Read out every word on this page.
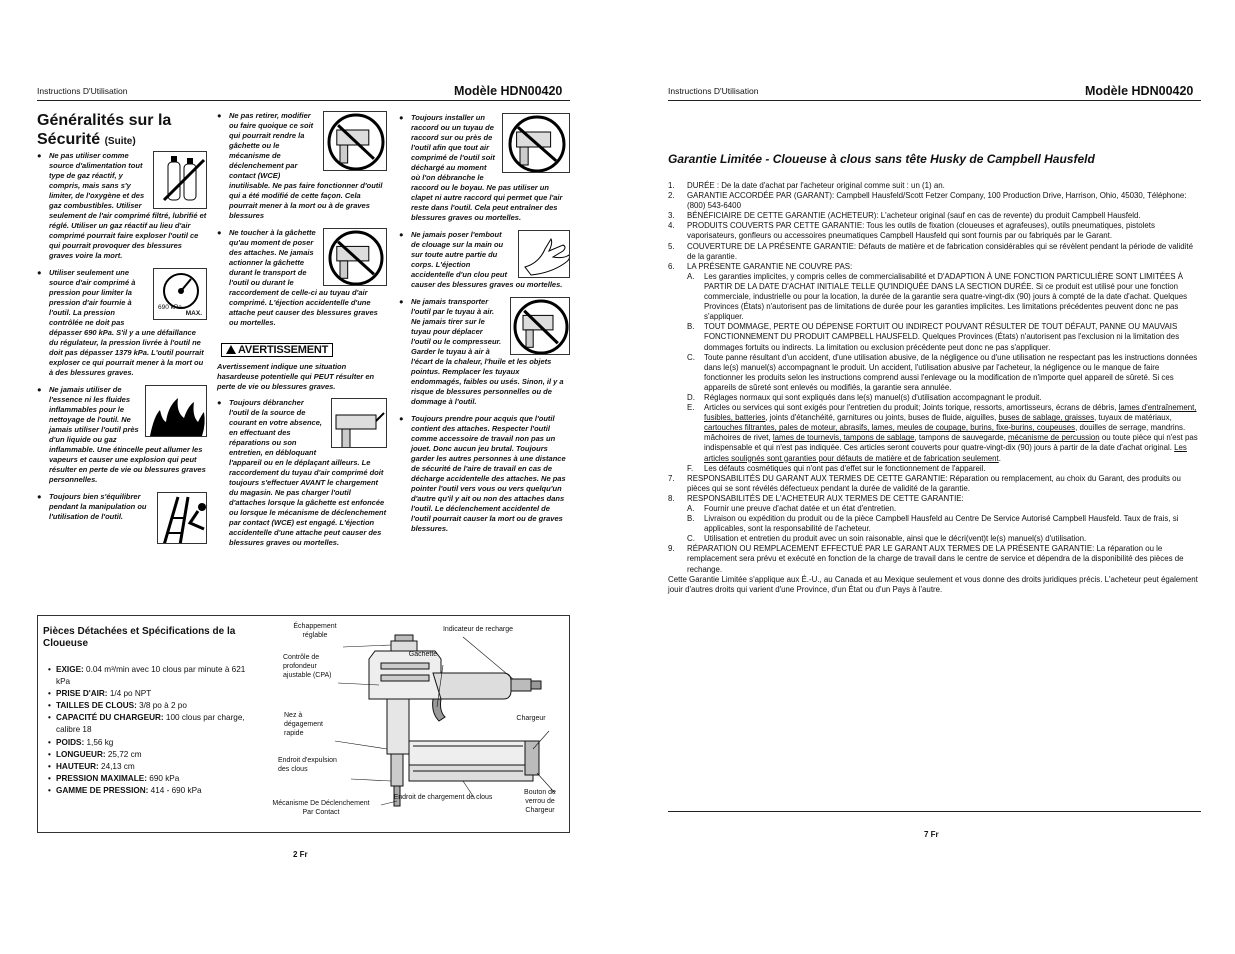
Instructions D'Utilisation	Modèle HDN00420
Généralités sur la Sécurité (Suite)
● Ne pas utiliser comme source d'alimentation tout type de gaz réactif, y compris, mais sans s'y limiter, de l'oxygène et des gaz combustibles. Utiliser seulement de l'air comprimé filtré, lubrifié et réglé. Utiliser un gaz réactif au lieu d'air comprimé pourrait faire exploser l'outil ce qui pourrait provoquer des blessures graves voire la mort.
●
690 kPa
MAX.
Utiliser seulement une source d'air comprimé à pression pour limiter la pression d'air fournie à l'outil. La pression contrôlée ne doit pas dépasser 690 kPa. S'il y a une défaillance du régulateur, la pression livrée à l'outil ne doit pas dépasser 1379 kPa. L'outil pourrait exploser ce qui pourrait mener à la mort ou à des blessures graves.
● Ne jamais utiliser de l'essence ni les fluides inflammables pour le nettoyage de l'outil. Ne jamais utiliser l'outil près d'un liquide ou gaz inflammable. Une étincelle peut allumer les vapeurs et causer une explosion qui peut résulter en perte de vie ou blessures graves personnelles.
● Toujours bien s'équilibrer pendant la manipulation ou l'utilisation de l'outil.
● Ne pas retirer, modifier ou faire quoique ce soit qui pourrait rendre la gâchette ou le mécanisme de déclenchement par contact (WCE) inutilisable. Ne pas faire fonctionner d'outil qui a été modifié de cette façon. Cela pourrait mener à la mort ou à de graves blessures
● Ne toucher à la gâchette qu'au moment de poser des attaches. Ne jamais actionner la gâchette durant le transport de l'outil ou durant le raccordement de celle-ci au tuyau d'air comprimé. L'éjection accidentelle d'une attache peut causer des blessures graves ou mortelles.
AVERTISSEMENT
Avertissement indique une situation hasardeuse potentielle qui PEUT résulter en perte de vie ou blessures graves.
● Toujours débrancher l'outil de la source de courant en votre absence, en effectuant des réparations ou son entretien, en débloquant l'appareil ou en le déplaçant ailleurs. Le raccordement du tuyau d'air comprimé doit toujours s'effectuer AVANT le chargement du magasin. Ne pas charger l'outil d'attaches lorsque la gâchette est enfoncée ou lorsque le mécanisme de déclenchement par contact (WCE) est engagé. L'éjection accidentelle d'une attache peut causer des blessures graves ou mortelles.
● Toujours installer un raccord ou un tuyau de raccord sur ou près de l'outil afin que tout air comprimé de l'outil soit déchargé au moment où l'on débranche le raccord ou le boyau. Ne pas utiliser un clapet ni autre raccord qui permet que l'air reste dans l'outil. Cela peut entraîner des blessures graves ou mortelles.
● Ne jamais poser l'embout de clouage sur la main ou sur toute autre partie du corps. L'éjection accidentelle d'un clou peut causer des blessures graves ou mortelles.
● Ne jamais transporter l'outil par le tuyau à air. Ne jamais tirer sur le tuyau pour déplacer l'outil ou le compresseur. Garder le tuyau à air à l'écart de la chaleur, l'huile et les objets pointus. Remplacer les tuyaux endommagés, faibles ou usés. Sinon, il y a risque de blessures personnelles ou de dommage à l'outil.
● Toujours prendre pour acquis que l'outil contient des attaches. Respecter l'outil comme accessoire de travail non pas un jouet. Donc aucun jeu brutal. Toujours garder les autres personnes à une distance de sécurité de l'aire de travail en cas de décharge accidentelle des attaches. Ne pas pointer l'outil vers vous ou vers quelqu'un d'autre qu'il y ait ou non des attaches dans l'outil. Le déclenchement accidentel de l'outil pourrait causer la mort ou de graves blessures.
Pièces Détachées et Spécifications de la Cloueuse
• EXIGE: 0.04 m³/min avec 10 clous par minute à 621 kPa
• PRISE D'AIR: 1/4 po NPT
• TAILLES DE CLOUS: 3/8 po à 2 po
• CAPACITÉ DU CHARGEUR: 100 clous par charge, calibre 18
• POIDS: 1,56 kg
• LONGUEUR: 25,72 cm
• HAUTEUR: 24,13 cm
• PRESSION MAXIMALE: 690 kPa
• GAMME DE PRESSION: 414 - 690 kPa
Échappement réglable
Indicateur de recharge
Contrôle de profondeur ajustable (CPA)
Gâchette
Nez à dégagement rapide
Chargeur
Endroit d'expulsion des clous
Endroit de chargement de clous
Bouton de verrou de Chargeur
Mécanisme De Déclenchement Par Contact
2 Fr
Instructions D'Utilisation	Modèle HDN00420
Garantie Limitée - Cloueuse à clous sans tête Husky de Campbell Hausfeld
1. DURÉE : De la date d'achat par l'acheteur original comme suit : un (1) an.
2. GARANTIE ACCORDÉE PAR (GARANT): Campbell Hausfeld/Scott Fetzer Company, 100 Production Drive, Harrison, Ohio, 45030, Téléphone: (800) 543-6400
3. BÉNÉFICIAIRE DE CETTE GARANTIE (ACHETEUR): L'acheteur original (sauf en cas de revente) du produit Campbell Hausfeld.
4. PRODUITS COUVERTS PAR CETTE GARANTIE: Tous les outils de fixation (cloueuses et agrafeuses), outils pneumatiques, pistolets vaporisateurs, gonfleurs ou accessoires pneumatiques Campbell Hausfeld qui sont fournis par ou fabriqués par le Garant.
5. COUVERTURE DE LA PRÉSENTE GARANTIE: Défauts de matière et de fabrication considérables qui se révèlent pendant la période de validité de la garantie.
6. LA PRÉSENTE GARANTIE NE COUVRE PAS:
A. Les garanties implicites, y compris celles de commercialisabilité et D'ADAPTION À UNE FONCTION PARTICULIÈRE SONT LIMITÉES À PARTIR DE LA DATE D'ACHAT INITIALE TELLE QU'INDIQUÉE DANS LA SECTION DURÉE. Si ce produit est utilisé pour une fonction commerciale, industrielle ou pour la location, la durée de la garantie sera quatre-vingt-dix (90) jours à compté de la date d'achat. Quelques Provinces (États) n'autorisent pas de limitations de durée pour les garanties implicites. Les limitations précédentes peuvent donc ne pas s'appliquer.
B. TOUT DOMMAGE, PERTE OU DÉPENSE FORTUIT OU INDIRECT POUVANT RÉSULTER DE TOUT DÉFAUT, PANNE OU MAUVAIS FONCTIONNEMENT DU PRODUIT CAMPBELL HAUSFELD. Quelques Provinces (États) n'autorisent pas l'exclusion ni la limitation des dommages fortuits ou indirects. La limitation ou exclusion précédente peut donc ne pas s'appliquer.
C. Toute panne résultant d'un accident, d'une utilisation abusive, de la négligence ou d'une utilisation ne respectant pas les instructions données dans le(s) manuel(s) accompagnant le produit. Un accident, l'utilisation abusive par l'acheteur, la négligence ou le manque de faire fonctionner les produits selon les instructions comprend aussi l'enlevage ou la modification de n'importe quel appareil de sûreté. Si ces appareils de sûreté sont enlevés ou modifiés, la garantie sera annulée.
D. Réglages normaux qui sont expliqués dans le(s) manuel(s) d'utilisation accompagnant le produit.
E. Articles ou services qui sont exigés pour l'entretien du produit; Joints torique, ressorts, amortisseurs, écrans de débris, lames d'entraînement, fusibles, batteries, joints d'étanchéité, garnitures ou joints, buses de fluide, aiguilles, buses de sablage, graisses, tuyaux de matériaux, cartouches filtrantes, pales de moteur, abrasifs, lames, meules de coupage, burins, fixe-burins, coupeuses, douilles de serrage, mandrins. mâchoires de rivet, lames de tournevis, tampons de sablage, tampons de sauvegarde, mécanisme de percussion ou toute pièce qui n'est pas indispensable et qui n'est pas indiquée. Ces articles seront couverts pour quatre-vingt-dix (90) jours à partir de la date d'achat original. Les articles soulignés sont garanties pour défauts de matière et de fabrication seulement.
F. Les défauts cosmétiques qui n'ont pas d'effet sur le fonctionnement de l'appareil.
7. RESPONSABILITÉS DU GARANT AUX TERMES DE CETTE GARANTIE: Réparation ou remplacement, au choix du Garant, des produits ou pièces qui se sont révélés défectueux pendant la durée de validité de la garantie.
8. RESPONSABILITÉS DE L'ACHETEUR AUX TERMES DE CETTE GARANTIE:
A. Fournir une preuve d'achat datée et un état d'entretien.
B. Livraison ou expédition du produit ou de la pièce Campbell Hausfeld au Centre De Service Autorisé Campbell Hausfeld. Taux de frais, si applicables, sont la responsabilité de l'acheteur.
C. Utilisation et entretien du produit avec un soin raisonable, ainsi que le décri(vent)t le(s) manuel(s) d'utilisation.
9. RÉPARATION OU REMPLACEMENT EFFECTUÉ PAR LE GARANT AUX TERMES DE LA PRÉSENTE GARANTIE: La réparation ou le remplacement sera prévu et exécuté en fonction de la charge de travail dans le centre de service et dépendra de la disponibilité des pièces de rechange.
Cette Garantie Limitée s'applique aux É.-U., au Canada et au Mexique seulement et vous donne des droits juridiques précis. L'acheteur peut également jouir d'autres droits qui varient d'une Province, d'un État ou d'un Pays à l'autre.
7 Fr
